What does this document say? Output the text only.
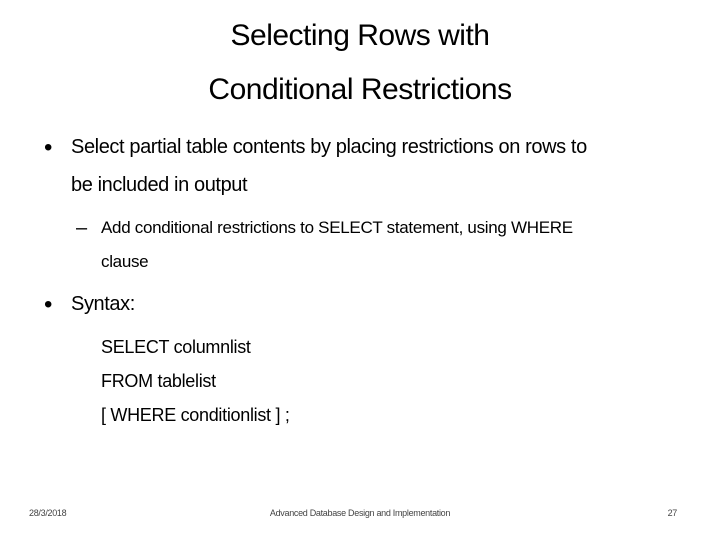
Selecting Rows with
Conditional Restrictions
• Select partial table contents by placing restrictions on rows to
be included in output
– Add conditional restrictions to SELECT statement, using WHERE
clause
• Syntax:
SELECT columnlist
FROM tablelist
[ WHERE conditionlist ] ;
28/3/2018	Advanced Database Design and Implementation	27
